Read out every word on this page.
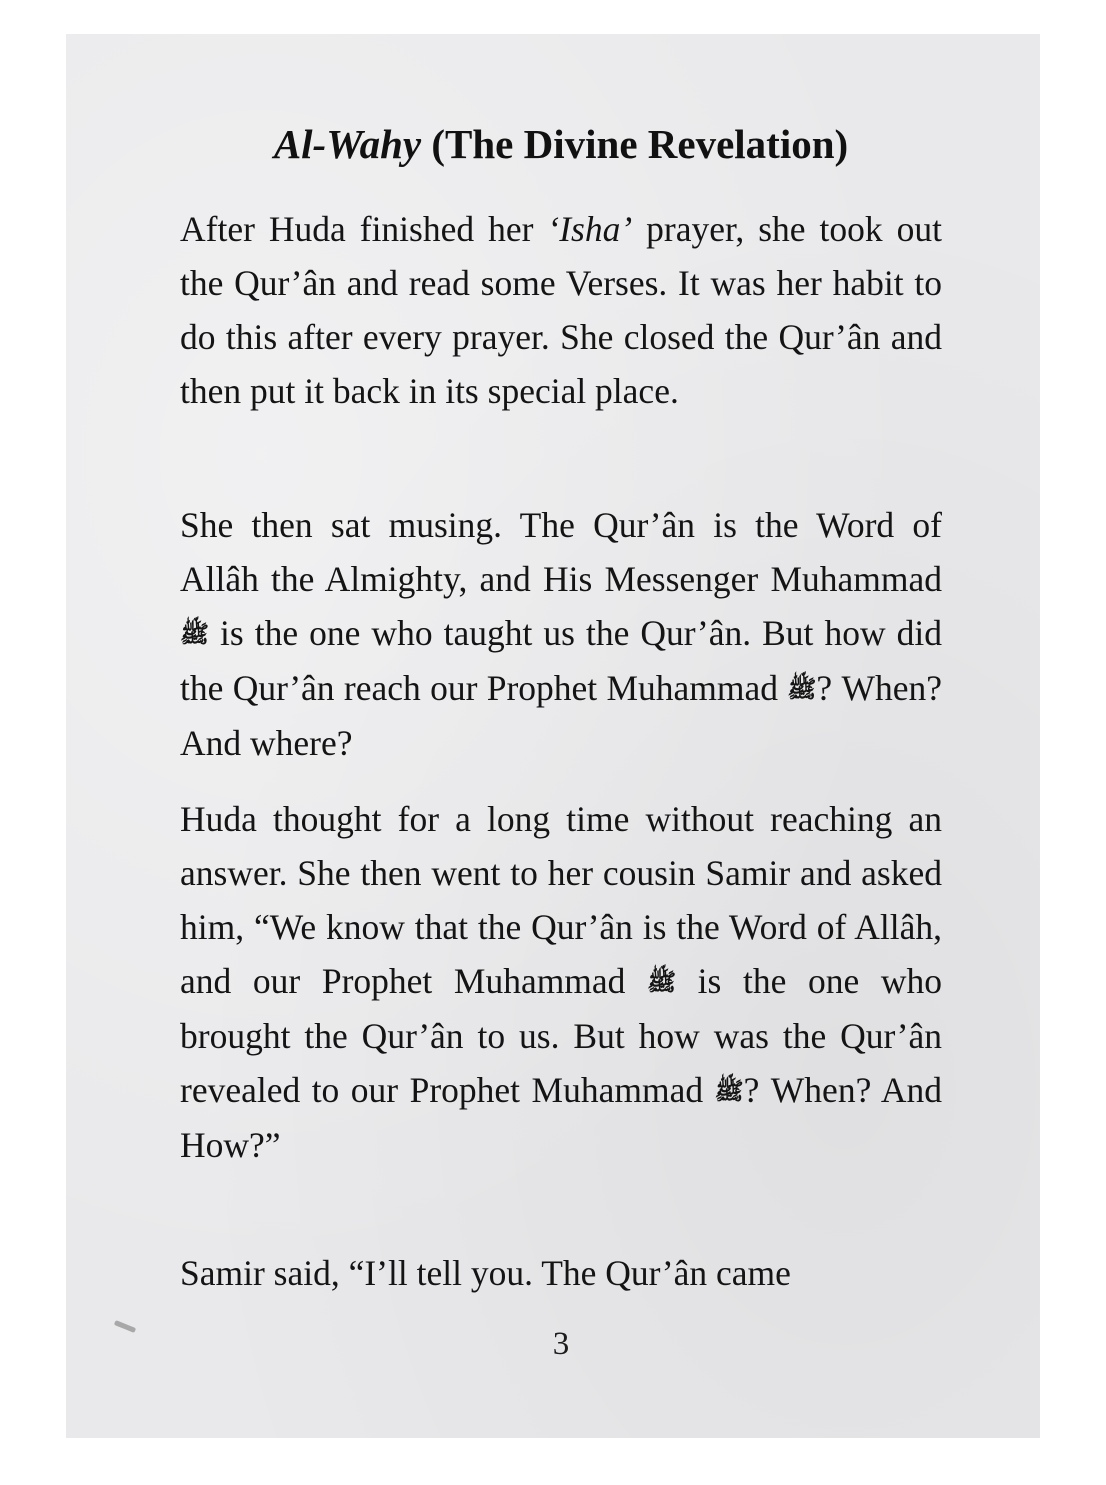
Al-Wahy (The Divine Revelation)

After Huda finished her ‘Isha’ prayer, she took out the Qur’ân and read some Verses. It was her habit to do this after every prayer. She closed the Qur’ân and then put it back in its special place.

She then sat musing. The Qur’ân is the Word of Allâh the Almighty, and His Messenger Muhammad ﷺ is the one who taught us the Qur’ân. But how did the Qur’ân reach our Prophet Muhammad ﷺ? When? And where?

Huda thought for a long time without reaching an answer. She then went to her cousin Samir and asked him, “We know that the Qur’ân is the Word of Allâh, and our Prophet Muhammad ﷺ is the one who brought the Qur’ân to us. But how was the Qur’ân revealed to our Prophet Muhammad ﷺ? When? And How?”

Samir said, “I’ll tell you. The Qur’ân came

3
